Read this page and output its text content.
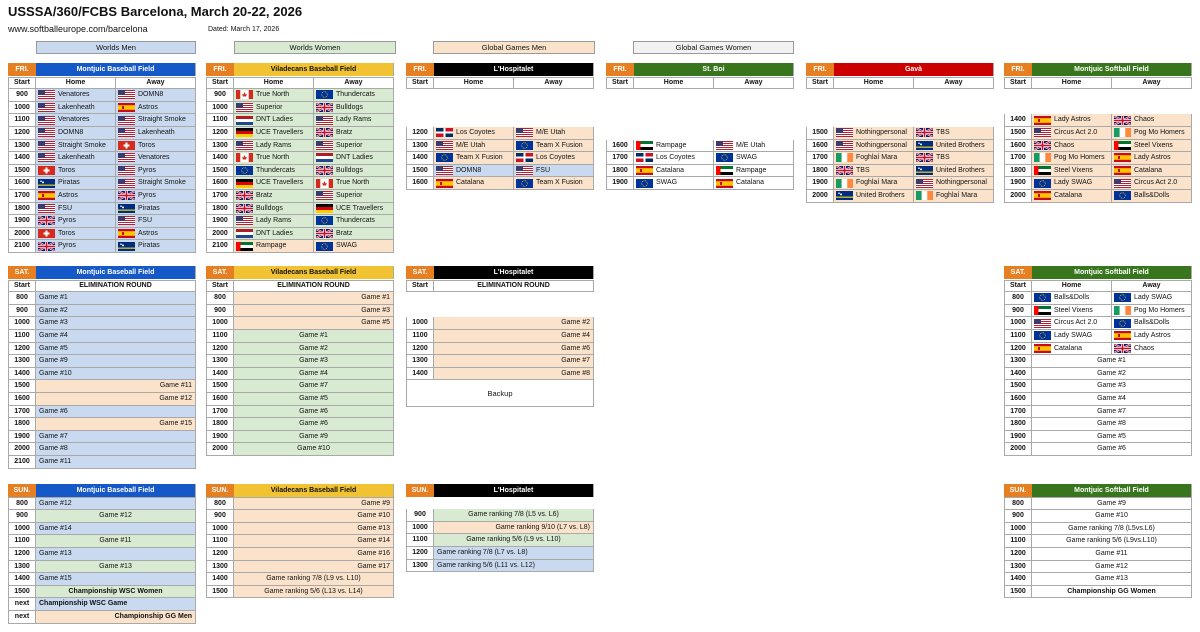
USSSA/360/FCBS Barcelona, March 20-22, 2026
www.softballeurope.com/barcelona	Dated: March 17, 2026
Worlds Men	Worlds Women	Global Games Men	Global Games Women
FRI.	Montjuic Baseball Field
Start	Home	Away
900	Venatores	DOMN8
1000	Lakenheath	Astros
1100	Venatores	Straight Smoke
1200	DOMN8	Lakenheath
1300	Straight Smoke	Toros
1400	Lakenheath	Venatores
1500	Toros	Pyros
1600	Piratas	Straight Smoke
1700	Astros	Pyros
1800	FSU	Piratas
1900	Pyros	FSU
2000	Toros	Astros
2100	Pyros	Piratas
FRI.	Viladecans Baseball Field
Start	Home	Away
900	True North	Thundercats
1000	Superior	Bulldogs
1100	DNT Ladies	Lady Rams
1200	UCE Travellers	Bratz
1300	Lady Rams	Superior
1400	True North	DNT Ladies
1500	Thundercats	Bulldogs
1600	UCE Travellers	True North
1700	Bratz	Superior
1800	Bulldogs	UCE Travellers
1900	Lady Rams	Thundercats
2000	DNT Ladies	Bratz
2100	Rampage	SWAG
FRI.	L'Hospitalet
Start	Home	Away
1200	Los Coyotes	M/E Utah
1300	M/E Utah	Team X Fusion
1400	Team X Fusion	Los Coyotes
1500	DOMN8	FSU
1600	Catalana	Team X Fusion
FRI.	St. Boi
Start	Home	Away
1600	Rampage	M/E Utah
1700	Los Coyotes	SWAG
1800	Catalana	Rampage
1900	SWAG	Catalana
FRI.	Gavà
Start	Home	Away
1500	Nothingpersonal	TBS
1600	Nothingpersonal	United Brothers
1700	Foghlaí Mara	TBS
1800	TBS	United Brothers
1900	Foghlaí Mara	Nothingpersonal
2000	United Brothers	Foghlaí Mara
FRI.	Montjuic Softball Field
Start	Home	Away
1400	Lady Astros	Chaos
1500	Circus Act 2.0	Pog Mo Homers
1600	Chaos	Steel Vixens
1700	Pog Mo Homers	Lady Astros
1800	Steel Vixens	Catalana
1900	Lady SWAG	Circus Act 2.0
2000	Catalana	Balls&Dolls
SAT.	Montjuic Baseball Field
Start	ELIMINATION ROUND
800 Game #1
900 Game #2
1000 Game #3
1100 Game #4
1200 Game #5
1300 Game #9
1400 Game #10
1500	Game #11
1600	Game #12
1700 Game #6
1800	Game #15
1900 Game #7
2000 Game #8
2100 Game #11
SAT.	Viladecans Baseball Field
Start	ELIMINATION ROUND
800	Game #1
900	Game #3
1000	Game #5
1100	Game #1
1200	Game #2
1300	Game #3
1400	Game #4
1500	Game #7
1600	Game #5
1700	Game #6
1800	Game #6
1900	Game #9
2000	Game #10
SAT.	L'Hospitalet
Start	ELIMINATION ROUND
1000	Game #2
1100	Game #4
1200	Game #6
1300	Game #7
1400	Game #8
Backup
SAT.	Montjuic Softball Field
Start	Home	Away
800	Balls&Dolls	Lady SWAG
900	Steel Vixens	Pog Mo Homers
1000	Circus Act 2.0	Balls&Dolls
1100	Lady SWAG	Lady Astros
1200	Catalana	Chaos
1300	Game #1
1400	Game #2
1500	Game #3
1600	Game #4
1700	Game #7
1800	Game #8
1900	Game #5
2000	Game #6
SUN.	Montjuic Baseball Field
800 Game #12
900	Game #12
1000 Game #14
1100	Game #11
1200 Game #13
1300	Game #13
1400 Game #15
1500	Championship WSC Women
next Championship WSC Game
next	Championship GG Men
SUN.	Viladecans Baseball Field
800	Game #9
900	Game #10
1000	Game #13
1100	Game #14
1200	Game #16
1300	Game #17
1400	Game ranking 7/8 (L9 vs. L10)
1500	Game ranking 5/6 (L13 vs. L14)
SUN.	L'Hospitalet
900	Game ranking 7/8 (L5 vs. L6)
1000	Game ranking 9/10 (L7 vs. L8)
1100	Game ranking 5/6 (L9 vs. L10)
1200 Game ranking 7/8 (L7 vs. L8)
1300 Game ranking 5/6 (L11 vs. L12)
SUN.	Montjuic Softball Field
800	Game #9
900	Game #10
1000	Game ranking 7/8 (L5vs.L6)
1100	Game ranking 5/6 (L9vs.L10)
1200	Game #11
1300	Game #12
1400	Game #13
1500	Championship GG Women
